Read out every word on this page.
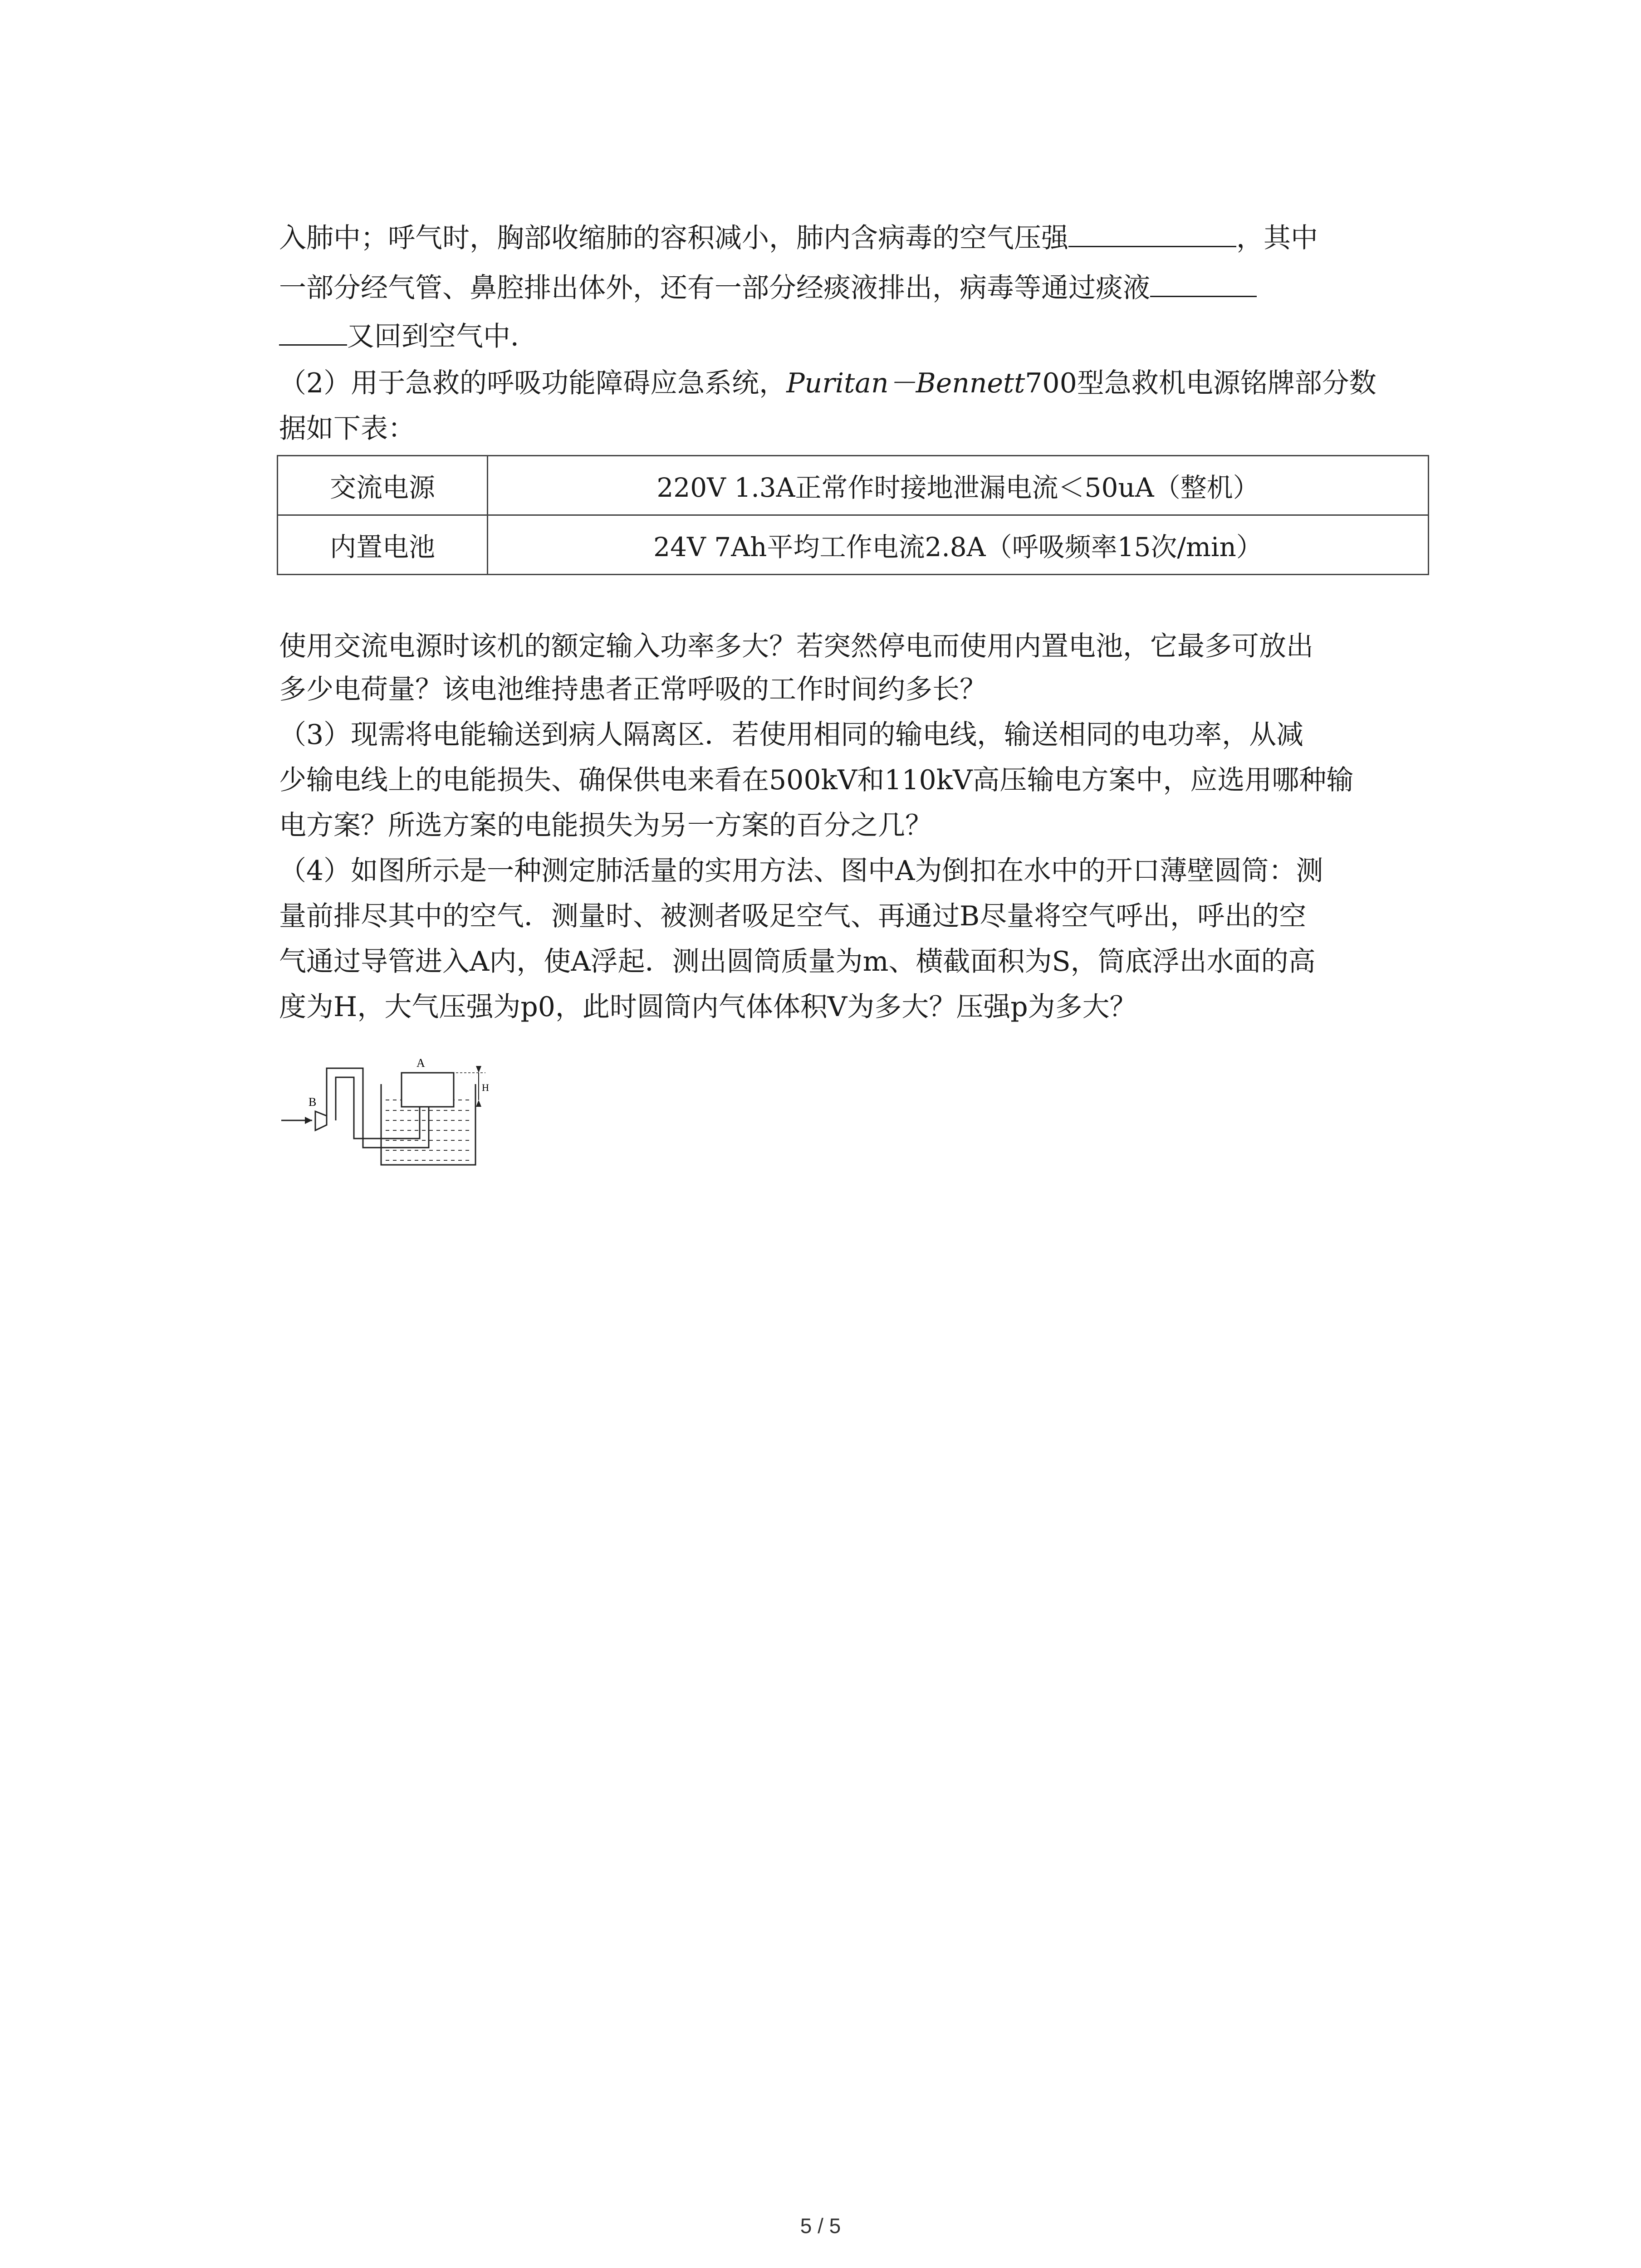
入肺中；呼气时，胸部收缩肺的容积减小，肺内含病毒的空气压强	，其中
一部分经气管、鼻腔排出体外，还有一部分经痰液排出，病毒等通过痰液
又回到空气中．
（2）用于急救的呼吸功能障碍应急系统，Puritan－Bennett700型急救机电源铭牌部分数
据如下表：
交流电源	220V 1.3A正常作时接地泄漏电流＜50uA（整机）
内置电池	24V 7Ah平均工作电流2.8A（呼吸频率15次/min）
使用交流电源时该机的额定输入功率多大？若突然停电而使用内置电池，它最多可放出
多少电荷量？该电池维持患者正常呼吸的工作时间约多长？
（3）现需将电能输送到病人隔离区．若使用相同的输电线，输送相同的电功率，从减
少输电线上的电能损失、确保供电来看在500kV和110kV高压输电方案中，应选用哪种输
电方案？所选方案的电能损失为另一方案的百分之几？
（4）如图所示是一种测定肺活量的实用方法、图中A为倒扣在水中的开口薄壁圆筒：测
量前排尽其中的空气．测量时、被测者吸足空气、再通过B尽量将空气呼出，呼出的空
气通过导管进入A内，使A浮起．测出圆筒质量为m、横截面积为S，筒底浮出水面的高
度为H，大气压强为p0，此时圆筒内气体体积V为多大？压强p为多大？
A
B
H
5 / 5
